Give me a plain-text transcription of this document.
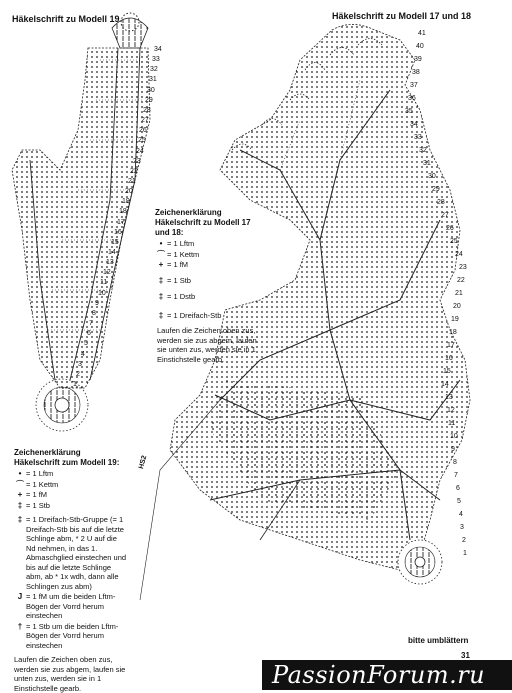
Häkelschrift zu Modell 19	Häkelschrift zu Modell 17 und 18
34
33
32
31
30
29
28
27
26
25
24
23
22
21
20
19
18
17
16
15
14
13
12
11
10
9
8
7
6
5
4
3
2
1
41
40
39
38
37
36
35
34
33
32
31
30
29
28
27
26
25
24
23
22
21
20
19
18
17
16
15
14
13
12
11
10
9
8
7
6
5
4
3
2
1
HS2
Zeichenerklärung
Häkelschrift zu Modell 17 und 18:
• = 1 Lftm
⌒ = 1 Kettm
+ = 1 fM
‡ = 1 Stb
‡ = 1 Dstb
‡ = 1 Dreifach-Stb
Laufen die Zeichen oben zus, werden sie zus abgem, laufen sie unten zus, werden sie in 1 Einstichstelle gearb.
Zeichenerklärung
Häkelschrift zum Modell 19:
• = 1 Lftm
⌒ = 1 Kettm
+ = 1 fM
‡ = 1 Stb
‡ = 1 Dreifach-Stb-Gruppe (= 1 Dreifach-Stb bis auf die letzte Schlinge abm, * 2 U auf die Nd nehmen, in das 1. Abmaschglied einstechen und bis auf die letzte Schlinge abm, ab * 1x wdh, dann alle Schlingen zus abm)
J = 1 fM um die beiden Lftm-Bögen der Vorrd herum einstechen
† = 1 Stb um die beiden Lftm-Bögen der Vorrd herum einstechen
Laufen die Zeichen oben zus, werden sie zus abgem, laufen sie unten zus, werden sie in 1 Einstichstelle gearb.
bitte umblättern
31
PassionForum.ru
